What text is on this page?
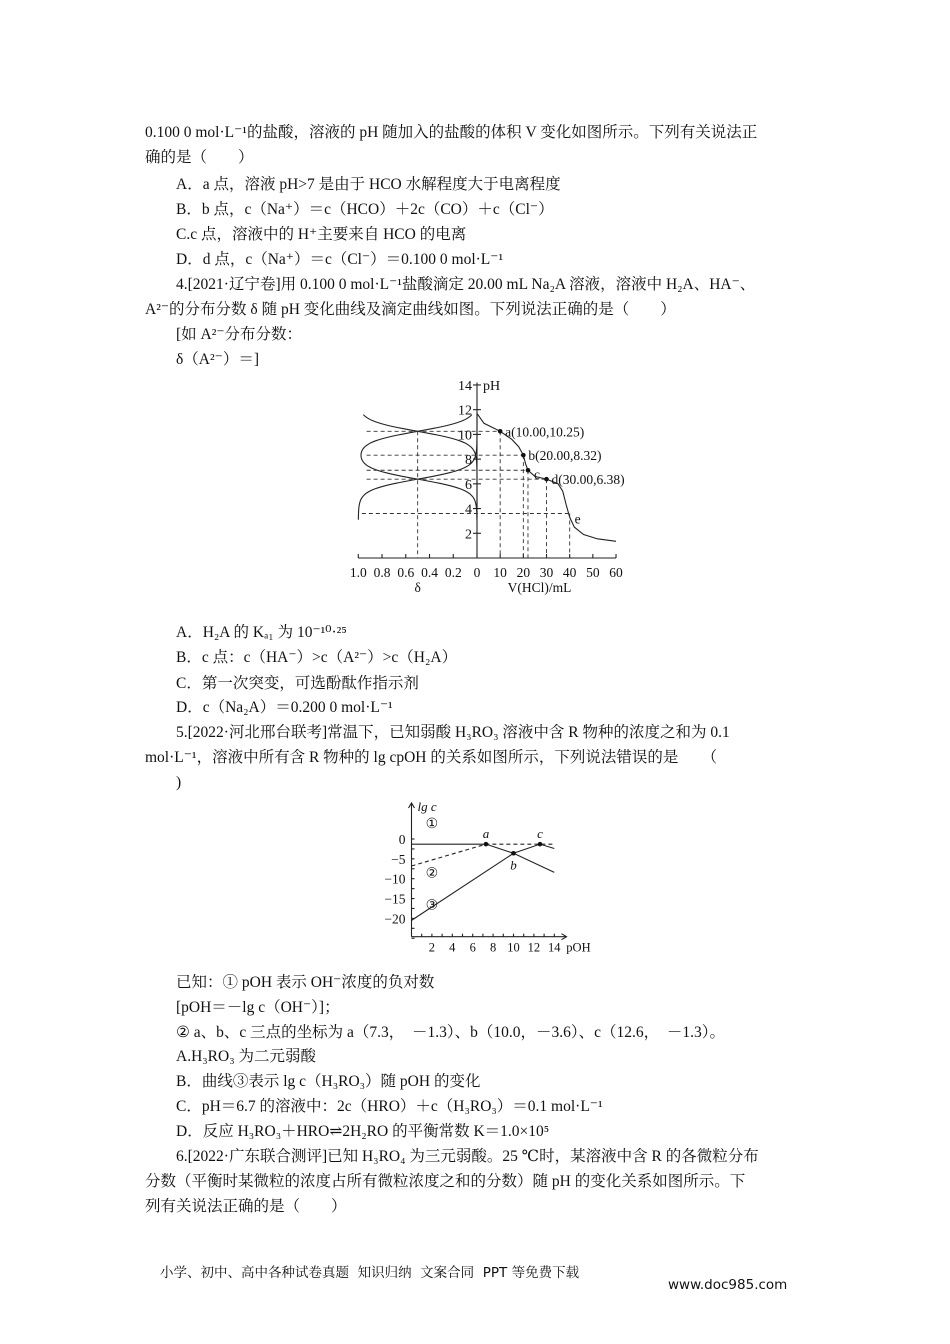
0.100 0 mol·L⁻¹的盐酸，溶液的 pH 随加入的盐酸的体积 V 变化如图所示。下列有关说法正
确的是（　　）
A．a 点，溶液 pH>7 是由于 HCO 水解程度大于电离程度
B．b 点，c（Na⁺）＝c（HCO）＋2c（CO）＋c（Cl⁻）
C.c 点，溶液中的 H⁺主要来自 HCO 的电离
D．d 点，c（Na⁺）＝c（Cl⁻）＝0.100 0 mol·L⁻¹
4.[2021·辽宁卷]用 0.100 0 mol·L⁻¹盐酸滴定 20.00 mL Na₂A 溶液，溶液中 H₂A、HA⁻、
A²⁻的分布分数 δ 随 pH 变化曲线及滴定曲线如图。下列说法正确的是（　　）
[如 A²⁻分布分数：
δ（A²⁻）＝]
A．H₂A 的 Kₐ₁ 为 10⁻¹⁰·²⁵
B．c 点：c（HA⁻）>c（A²⁻）>c（H₂A）
C．第一次突变，可选酚酞作指示剂
D．c（Na₂A）＝0.200 0 mol·L⁻¹
5.[2022·河北邢台联考]常温下，已知弱酸 H₃RO₃ 溶液中含 R 物种的浓度之和为 0.1
mol·L⁻¹，溶液中所有含 R 物种的 lg cpOH 的关系如图所示，下列说法错误的是　　（
)
已知：① pOH 表示 OH⁻浓度的负对数
[pOH＝－lg c（OH⁻）]；
② a、b、c 三点的坐标为 a（7.3，　－1.3）、b（10.0，－3.6）、c（12.6，　－1.3）。
A.H₃RO₃ 为二元弱酸
B．曲线③表示 lg c（H₃RO₃）随 pOH 的变化
C．pH＝6.7 的溶液中：2c（HRO）＋c（H₃RO₃）＝0.1 mol·L⁻¹
D．反应 H₃RO₃＋HRO⇌2H₂RO 的平衡常数 K＝1.0×10⁵
6.[2022·广东联合测评]已知 H₃RO₄ 为三元弱酸。25 ℃时，某溶液中含 R 的各微粒分布
分数（平衡时某微粒的浓度占所有微粒浓度之和的分数）随 pH 的变化关系如图所示。下
列有关说法正确的是（　　）
2
4
6
8
10
12
14 pH
1.0 0.8 0.6 0.4 0.2 0 10 20 30 40 50 60
δ	V(HCl)/mL
a(10.00,10.25)
b(20.00,8.32)
c d(30.00,6.38)
e
0
−5
−10
−15
−20
2 4 6 8 10 12 14 pOH
lg c
①
②
③
a
b
c

小学、初中、高中各种试卷真题  知识归纳  文案合同  PPT 等免费下载

www.doc985.com
